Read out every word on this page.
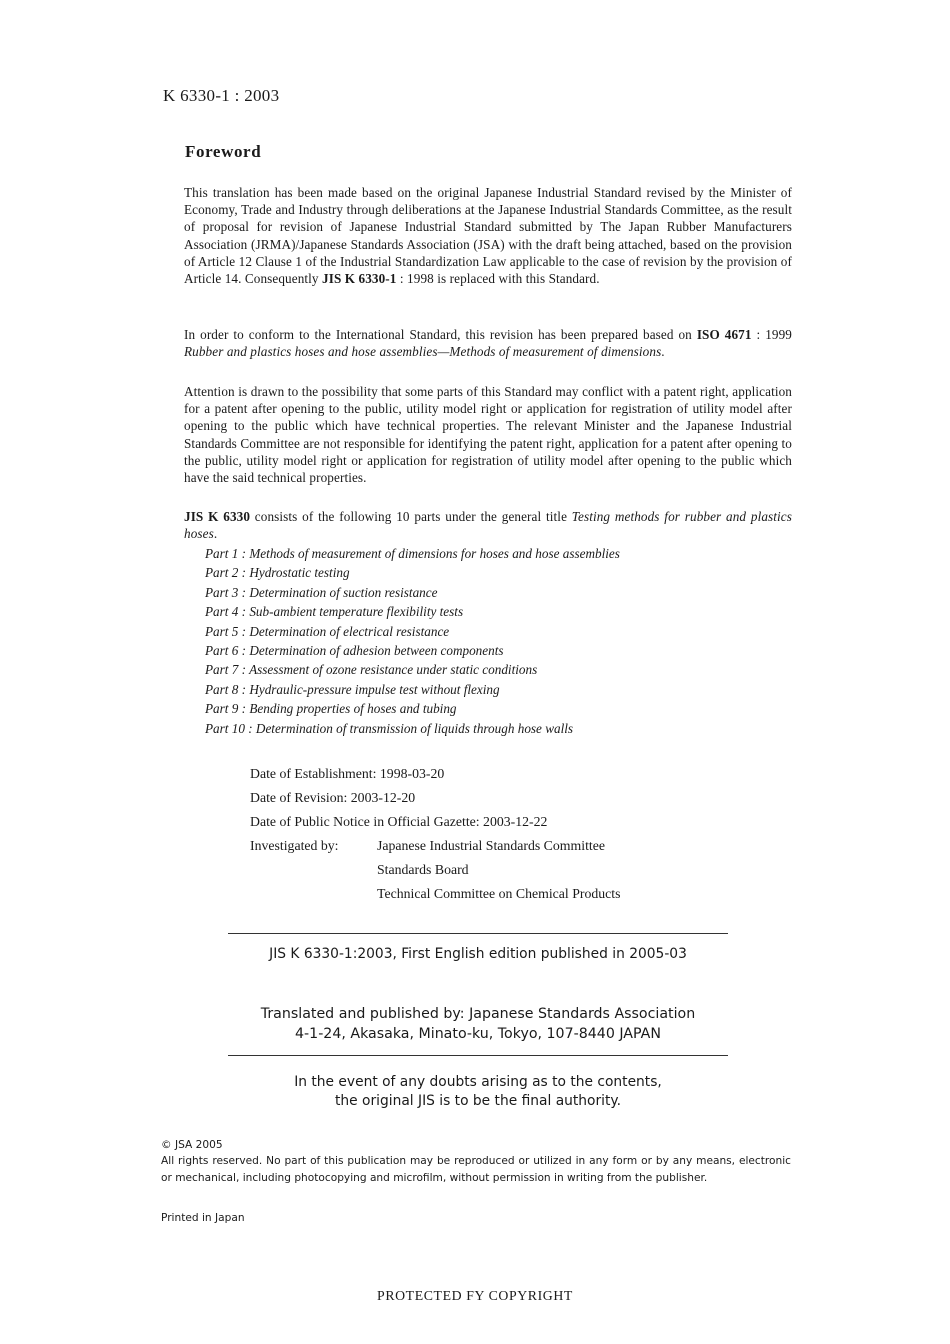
K 6330-1 : 2003
Foreword
This translation has been made based on the original Japanese Industrial Standard revised by the Minister of Economy, Trade and Industry through deliberations at the Japanese Industrial Standards Committee, as the result of proposal for revision of Japanese Industrial Standard submitted by The Japan Rubber Manufacturers Association (JRMA)/Japanese Standards Association (JSA) with the draft being attached, based on the provision of Article 12 Clause 1 of the Industrial Standardization Law applicable to the case of revision by the provision of Article 14. Consequently JIS K 6330-1 : 1998 is replaced with this Standard.
In order to conform to the International Standard, this revision has been prepared based on ISO 4671 : 1999 Rubber and plastics hoses and hose assemblies—Methods of measurement of dimensions.
Attention is drawn to the possibility that some parts of this Standard may conflict with a patent right, application for a patent after opening to the public, utility model right or application for registration of utility model after opening to the public which have technical properties. The relevant Minister and the Japanese Industrial Standards Committee are not responsible for identifying the patent right, application for a patent after opening to the public, utility model right or application for registration of utility model after opening to the public which have the said technical properties.
JIS K 6330 consists of the following 10 parts under the general title Testing methods for rubber and plastics hoses.
Part 1 : Methods of measurement of dimensions for hoses and hose assemblies
Part 2 : Hydrostatic testing
Part 3 : Determination of suction resistance
Part 4 : Sub-ambient temperature flexibility tests
Part 5 : Determination of electrical resistance
Part 6 : Determination of adhesion between components
Part 7 : Assessment of ozone resistance under static conditions
Part 8 : Hydraulic-pressure impulse test without flexing
Part 9 : Bending properties of hoses and tubing
Part 10 : Determination of transmission of liquids through hose walls
Date of Establishment: 1998-03-20
Date of Revision: 2003-12-20
Date of Public Notice in Official Gazette: 2003-12-22
Investigated by:	Japanese Industrial Standards Committee
Standards Board
Technical Committee on Chemical Products
JIS K 6330-1:2003, First English edition published in 2005-03
Translated and published by: Japanese Standards Association
4-1-24, Akasaka, Minato-ku, Tokyo, 107-8440 JAPAN
In the event of any doubts arising as to the contents,
the original JIS is to be the final authority.
© JSA 2005
All rights reserved. No part of this publication may be reproduced or utilized in any form or by any means, electronic or mechanical, including photocopying and microfilm, without permission in writing from the publisher.
Printed in Japan
PROTECTED FY COPYRIGHT
